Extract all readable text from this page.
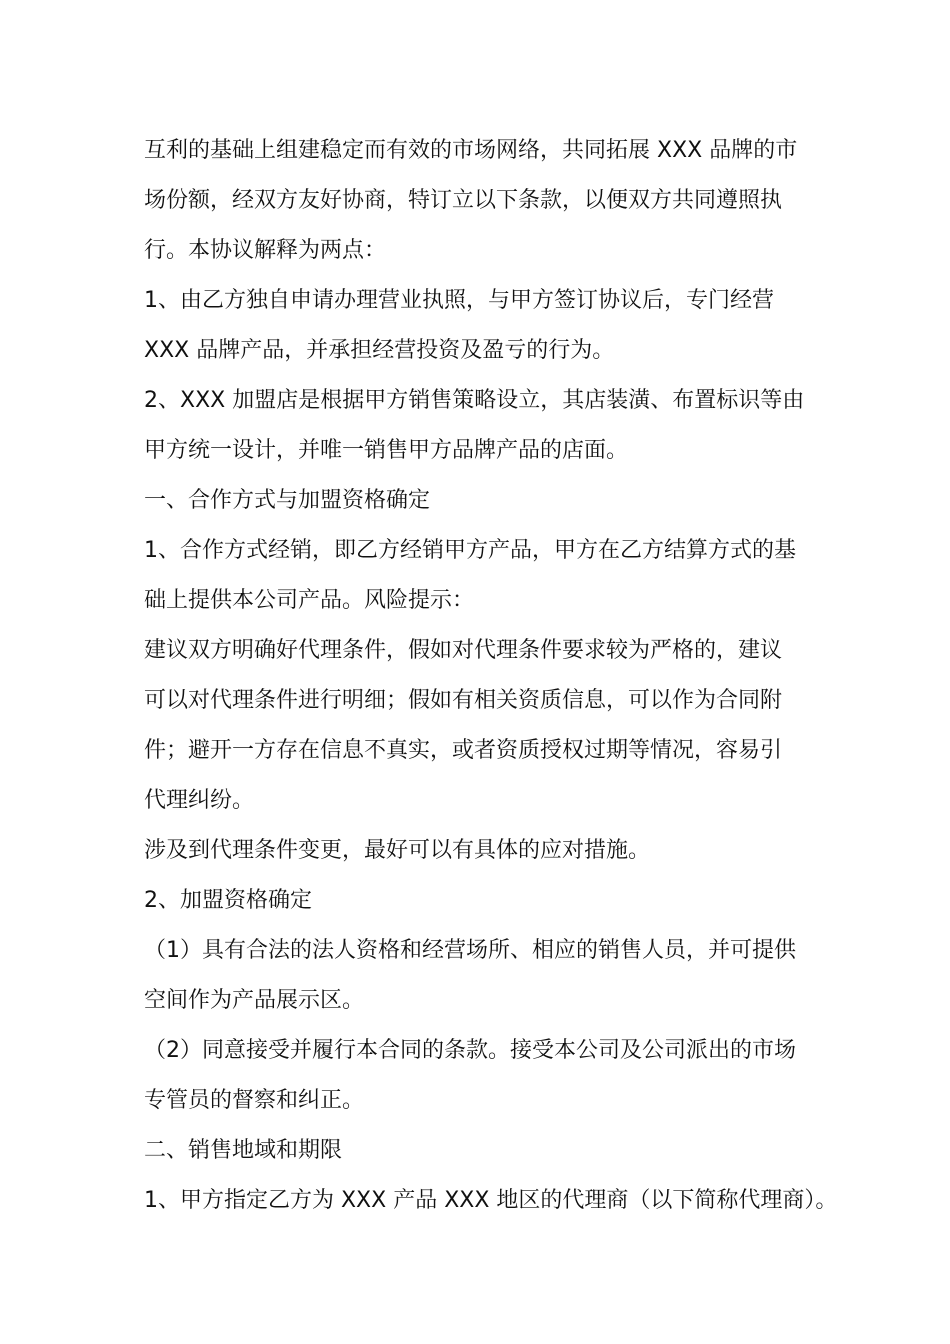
互利的基础上组建稳定而有效的市场网络，共同拓展 XXX 品牌的市

场份额，经双方友好协商，特订立以下条款，以便双方共同遵照执

行。本协议解释为两点：

1、由乙方独自申请办理营业执照，与甲方签订协议后，专门经营

XXX 品牌产品，并承担经营投资及盈亏的行为。

2、XXX 加盟店是根据甲方销售策略设立，其店装潢、布置标识等由

甲方统一设计，并唯一销售甲方品牌产品的店面。

一、合作方式与加盟资格确定

1、合作方式经销，即乙方经销甲方产品，甲方在乙方结算方式的基

础上提供本公司产品。风险提示：

建议双方明确好代理条件，假如对代理条件要求较为严格的，建议

可以对代理条件进行明细；假如有相关资质信息，可以作为合同附

件；避开一方存在信息不真实，或者资质授权过期等情况，容易引

代理纠纷。

涉及到代理条件变更，最好可以有具体的应对措施。

2、加盟资格确定

（1）具有合法的法人资格和经营场所、相应的销售人员，并可提供

空间作为产品展示区。

（2）同意接受并履行本合同的条款。接受本公司及公司派出的市场

专管员的督察和纠正。

二、销售地域和期限

1、甲方指定乙方为 XXX 产品 XXX 地区的代理商（以下简称代理商）。
